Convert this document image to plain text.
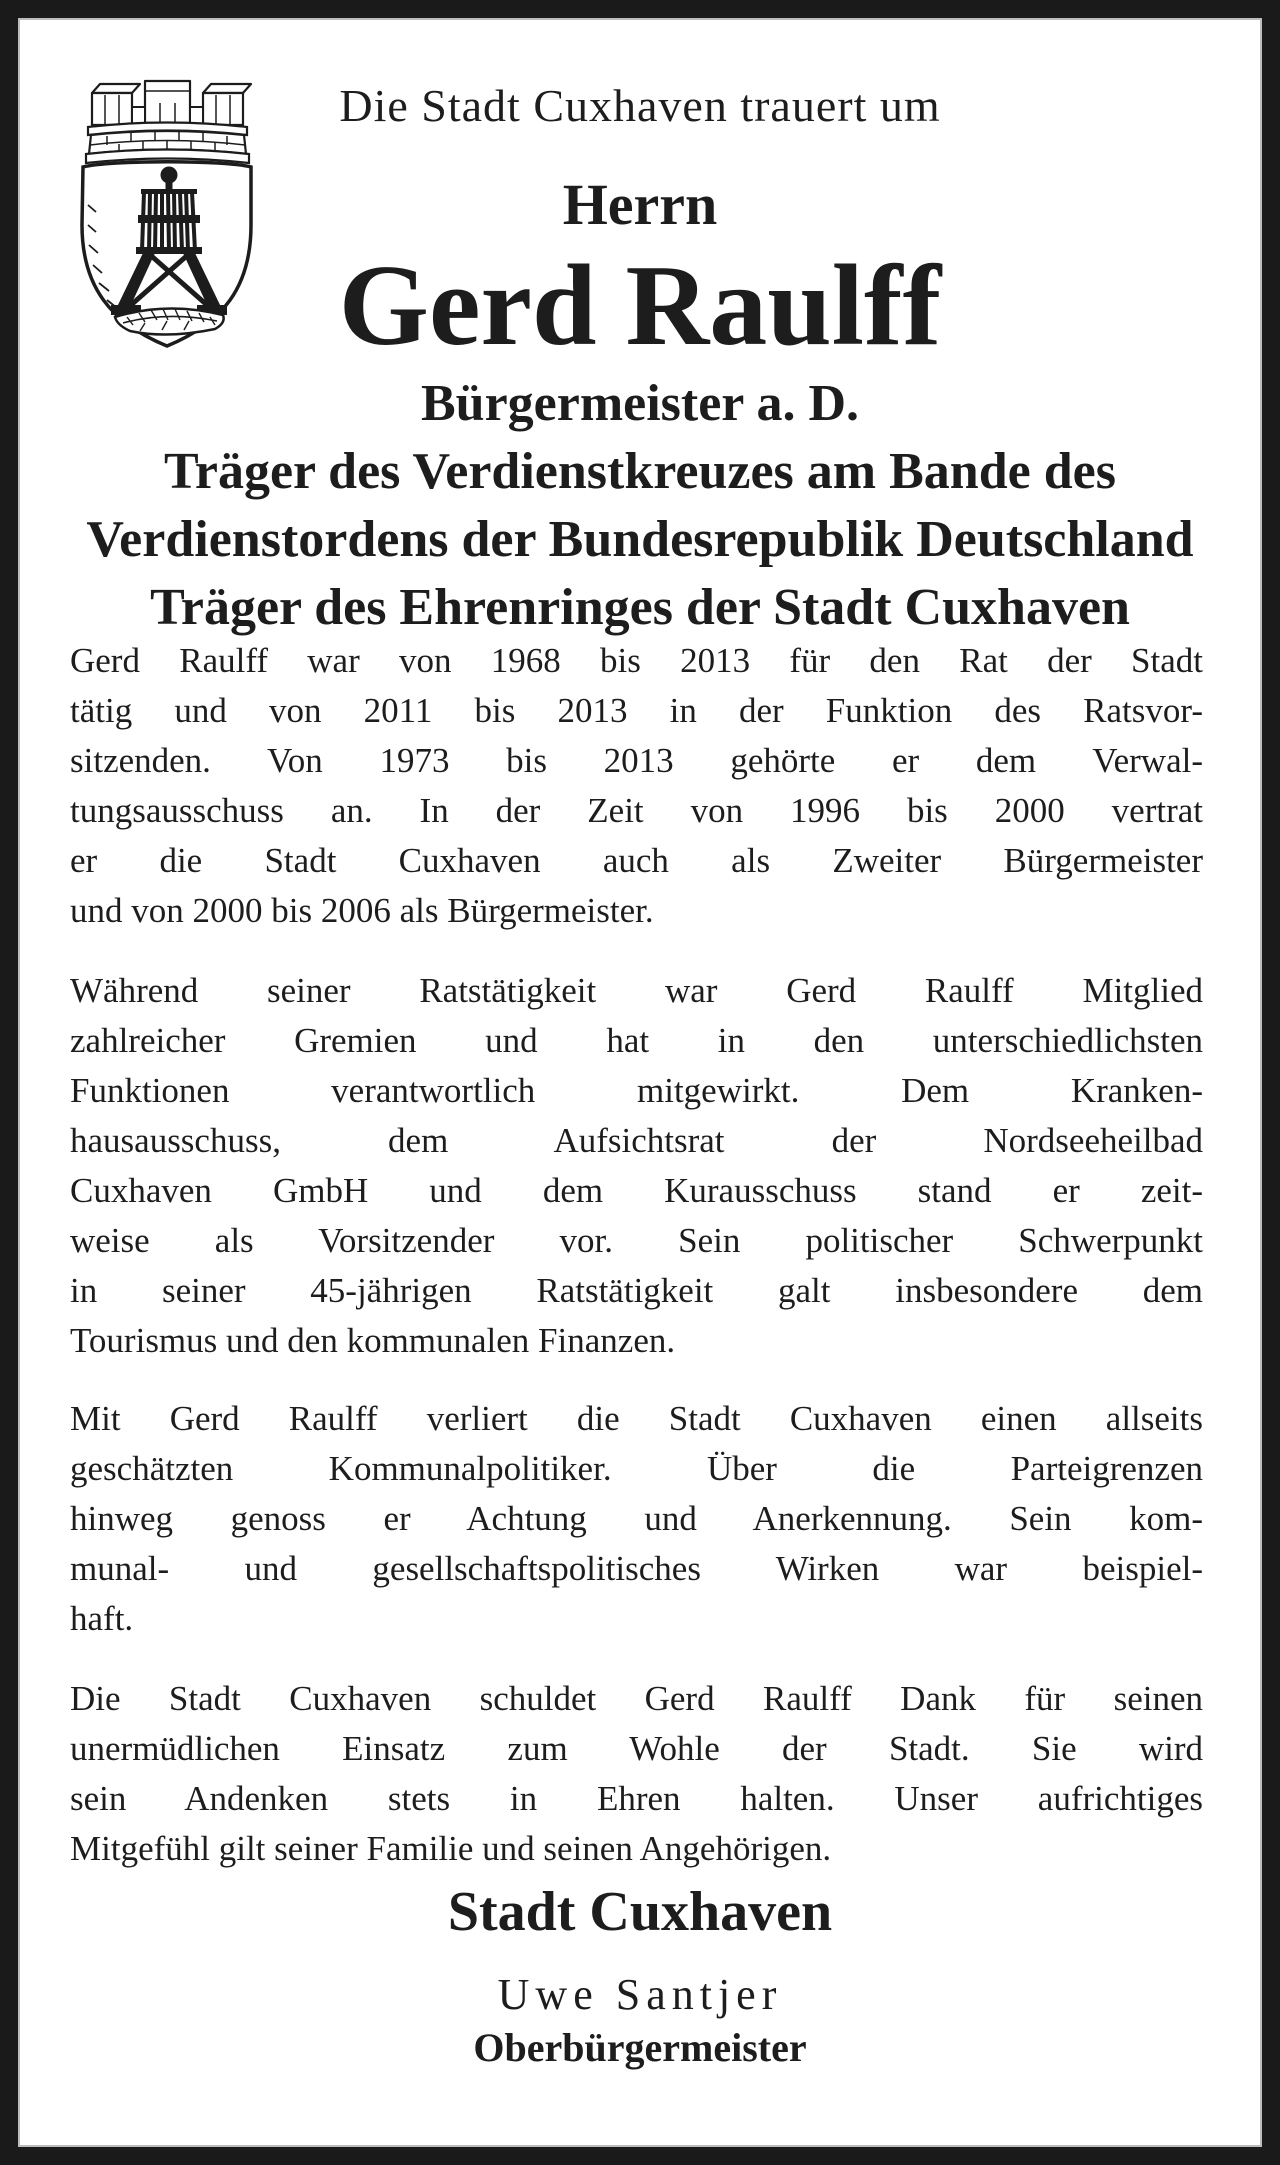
Die Stadt Cuxhaven trauert um
Herrn
Gerd Raulff
Bürgermeister a. D.
Träger des Verdienstkreuzes am Bande des
Verdienstordens der Bundesrepublik Deutschland
Träger des Ehrenringes der Stadt Cuxhaven
Gerd Raulff war von 1968 bis 2013 für den Rat der Stadt
tätig und von 2011 bis 2013 in der Funktion des Ratsvor-
sitzenden. Von 1973 bis 2013 gehörte er dem Verwal-
tungsausschuss an. In der Zeit von 1996 bis 2000 vertrat
er die Stadt Cuxhaven auch als Zweiter Bürgermeister
und von 2000 bis 2006 als Bürgermeister.
Während seiner Ratstätigkeit war Gerd Raulff Mitglied
zahlreicher Gremien und hat in den unterschiedlichsten
Funktionen verantwortlich mitgewirkt. Dem Kranken-
hausausschuss, dem Aufsichtsrat der Nordseeheilbad
Cuxhaven GmbH und dem Kurausschuss stand er zeit-
weise als Vorsitzender vor. Sein politischer Schwerpunkt
in seiner 45-jährigen Ratstätigkeit galt insbesondere dem
Tourismus und den kommunalen Finanzen.
Mit Gerd Raulff verliert die Stadt Cuxhaven einen allseits
geschätzten Kommunalpolitiker. Über die Parteigrenzen
hinweg genoss er Achtung und Anerkennung. Sein kom-
munal- und gesellschaftspolitisches Wirken war beispiel-
haft.
Die Stadt Cuxhaven schuldet Gerd Raulff Dank für seinen
unermüdlichen Einsatz zum Wohle der Stadt. Sie wird
sein Andenken stets in Ehren halten. Unser aufrichtiges
Mitgefühl gilt seiner Familie und seinen Angehörigen.
Stadt Cuxhaven
Uwe Santjer
Oberbürgermeister
